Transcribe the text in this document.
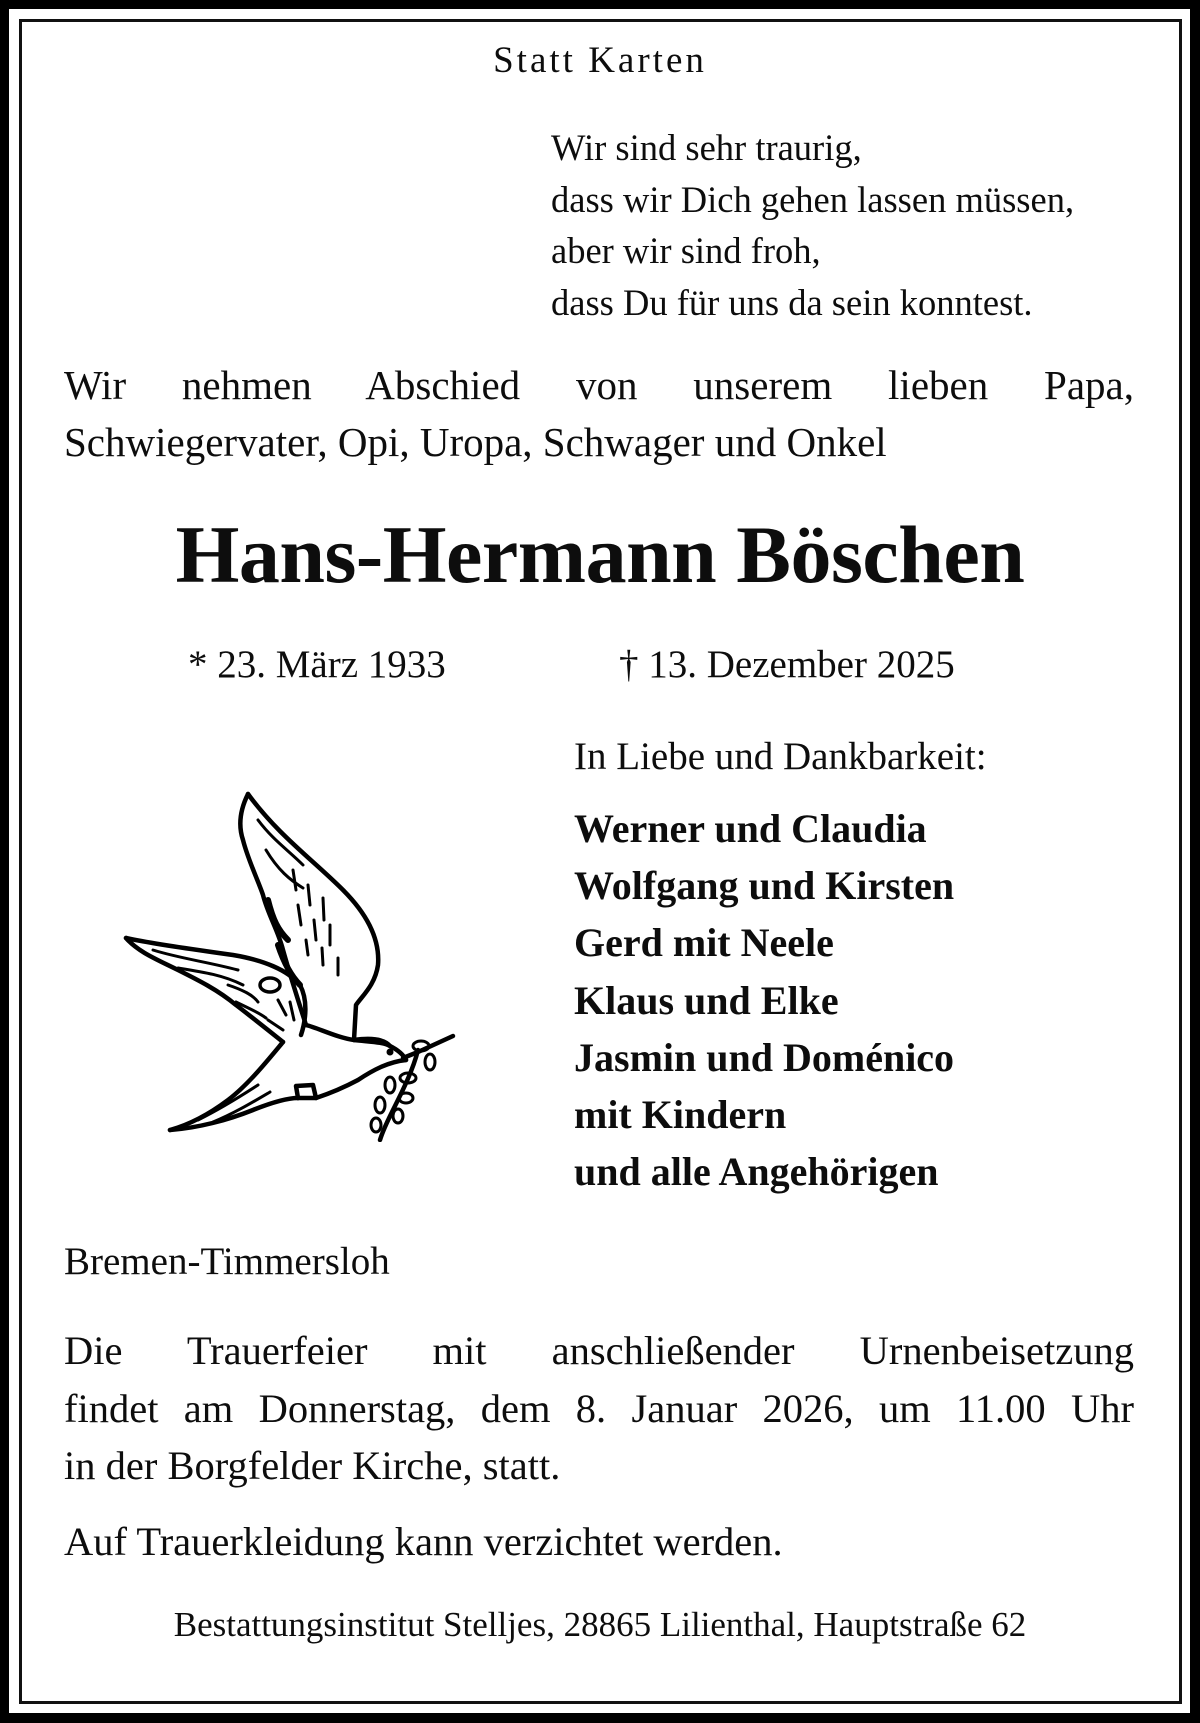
Statt Karten
Wir sind sehr traurig,
dass wir Dich gehen lassen müssen,
aber wir sind froh,
dass Du für uns da sein konntest.
Wir nehmen Abschied von unserem lieben Papa,
Schwiegervater, Opi, Uropa, Schwager und Onkel
Hans-Hermann Böschen
* 23. März 1933	† 13. Dezember 2025
In Liebe und Dankbarkeit:
Werner und Claudia
Wolfgang und Kirsten
Gerd mit Neele
Klaus und Elke
Jasmin und Doménico
mit Kindern
und alle Angehörigen
Bremen-Timmersloh
Die Trauerfeier mit anschließender Urnenbeisetzung
findet am Donnerstag, dem 8. Januar 2026, um 11.00 Uhr
in der Borgfelder Kirche, statt.
Auf Trauerkleidung kann verzichtet werden.
Bestattungsinstitut Stelljes, 28865 Lilienthal, Hauptstraße 62
